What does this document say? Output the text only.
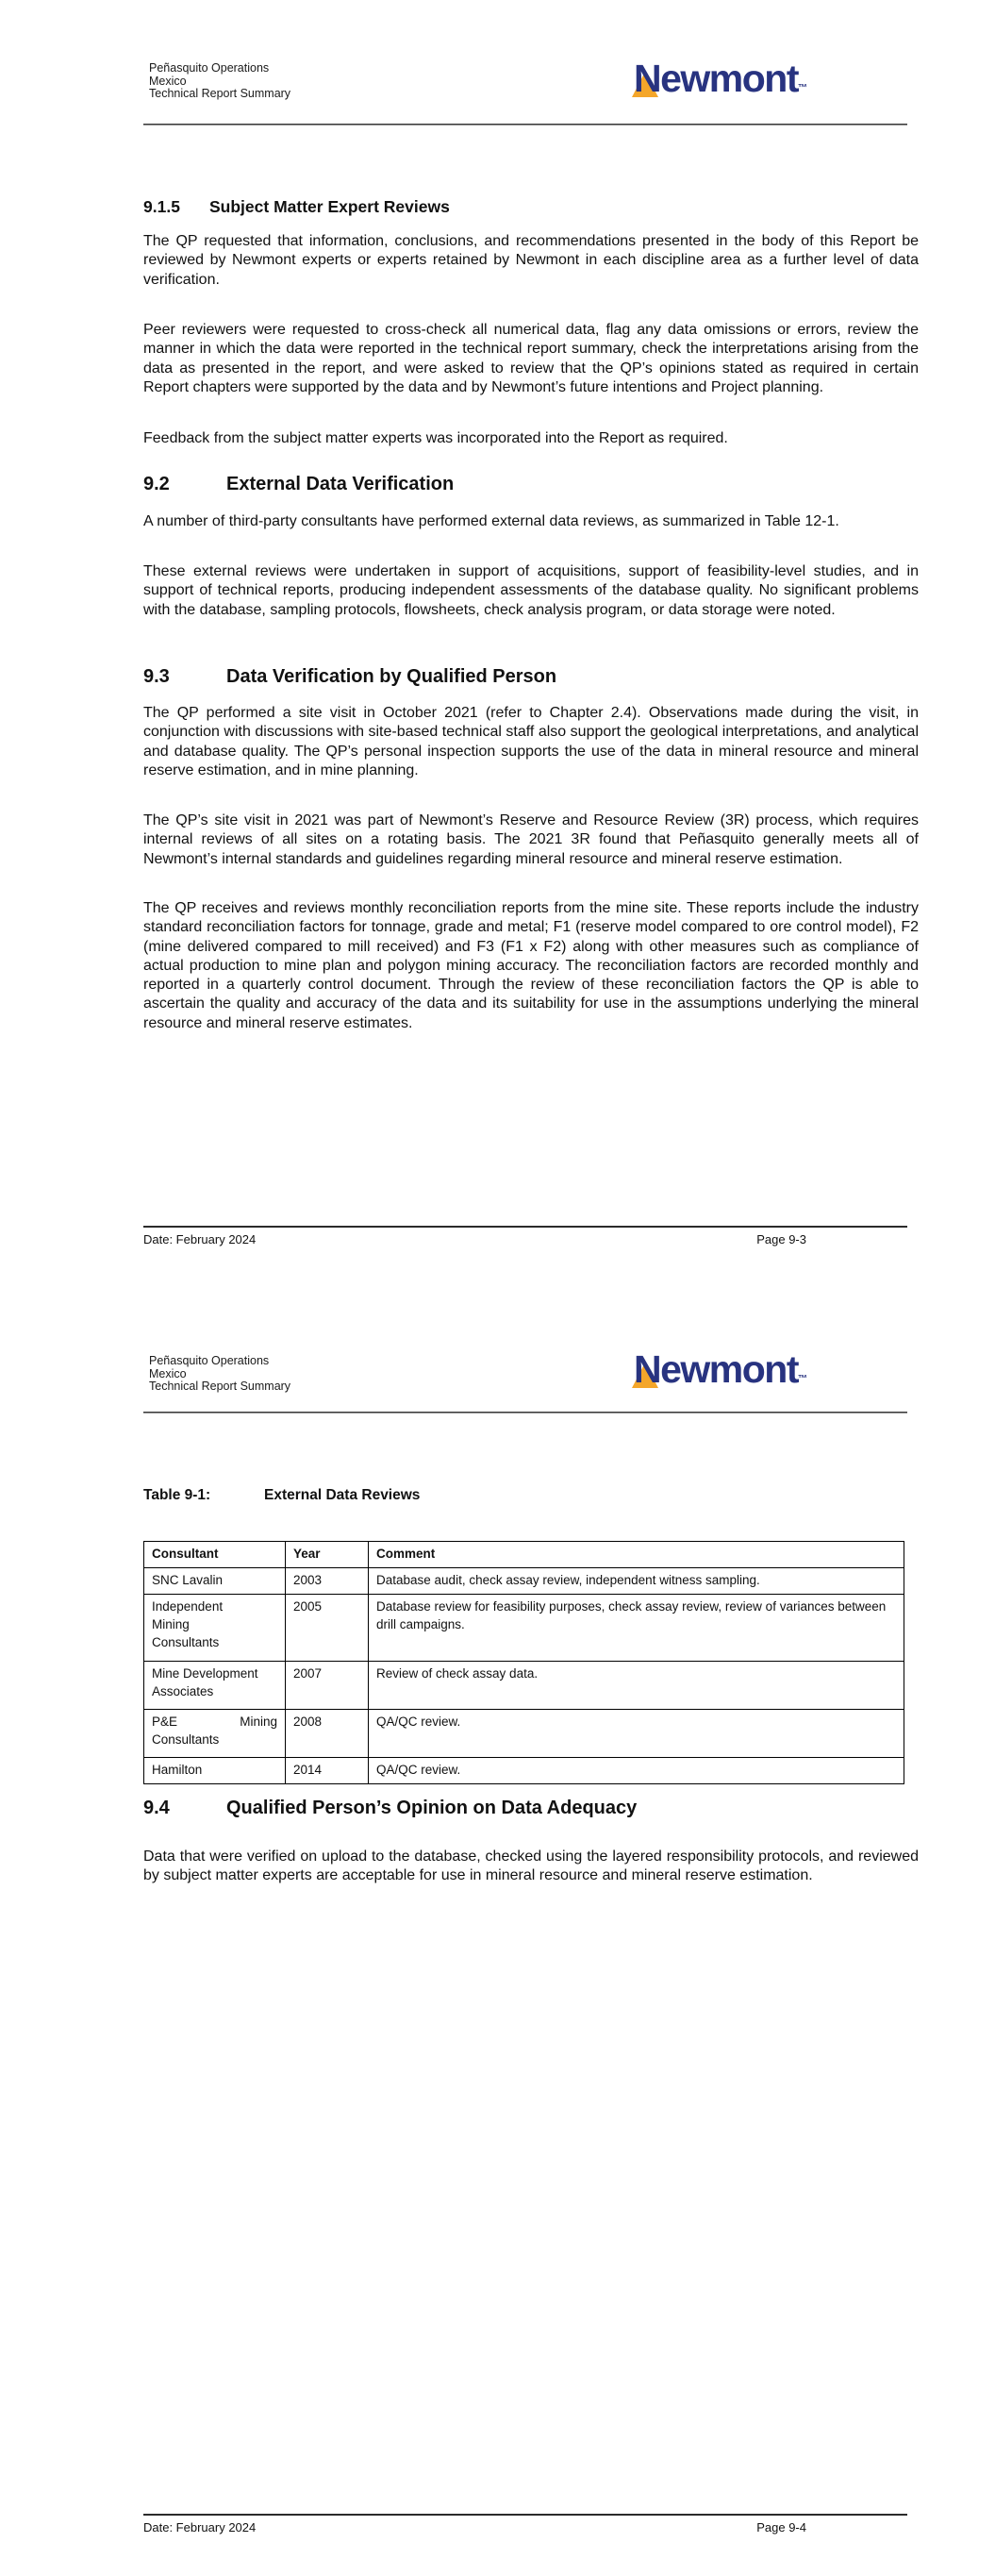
Peñasquito Operations
Mexico
Technical Report Summary	Newmont™
9.1.5 Subject Matter Expert Reviews

The QP requested that information, conclusions, and recommendations presented in the body of this Report be reviewed by Newmont experts or experts retained by Newmont in each discipline area as a further level of data verification.

Peer reviewers were requested to cross-check all numerical data, flag any data omissions or errors, review the manner in which the data were reported in the technical report summary, check the interpretations arising from the data as presented in the report, and were asked to review that the QP’s opinions stated as required in certain Report chapters were supported by the data and by Newmont’s future intentions and Project planning.

Feedback from the subject matter experts was incorporated into the Report as required.

9.2	External Data Verification

A number of third-party consultants have performed external data reviews, as summarized in Table 12-1.

These external reviews were undertaken in support of acquisitions, support of feasibility-level studies, and in support of technical reports, producing independent assessments of the database quality. No significant problems with the database, sampling protocols, flowsheets, check analysis program, or data storage were noted.

9.3	Data Verification by Qualified Person

The QP performed a site visit in October 2021 (refer to Chapter 2.4). Observations made during the visit, in conjunction with discussions with site-based technical staff also support the geological interpretations, and analytical and database quality. The QP’s personal inspection supports the use of the data in mineral resource and mineral reserve estimation, and in mine planning.

The QP’s site visit in 2021 was part of Newmont’s Reserve and Resource Review (3R) process, which requires internal reviews of all sites on a rotating basis. The 2021 3R found that Peñasquito generally meets all of Newmont’s internal standards and guidelines regarding mineral resource and mineral reserve estimation.

The QP receives and reviews monthly reconciliation reports from the mine site. These reports include the industry standard reconciliation factors for tonnage, grade and metal; F1 (reserve model compared to ore control model), F2 (mine delivered compared to mill received) and F3 (F1 x F2) along with other measures such as compliance of actual production to mine plan and polygon mining accuracy. The reconciliation factors are recorded monthly and reported in a quarterly control document. Through the review of these reconciliation factors the QP is able to ascertain the quality and accuracy of the data and its suitability for use in the assumptions underlying the mineral resource and mineral reserve estimates.

Date: February 2024	Page 9-3
Peñasquito Operations
Mexico
Technical Report Summary	Newmont™
Table 9-1:	External Data Reviews
Consultant	Year	Comment

SNC Lavalin	2003	Database audit, check assay review, independent witness sampling.

Independent
Mining
Consultants	2005	Database review for feasibility purposes, check assay review, review of variances between drill campaigns.

Mine Development
Associates	2007	Review of check assay data.

P&E Mining
Consultants	2008	QA/QC review.

Hamilton	2014	QA/QC review.
9.4	Qualified Person’s Opinion on Data Adequacy

Data that were verified on upload to the database, checked using the layered responsibility protocols, and reviewed by subject matter experts are acceptable for use in mineral resource and mineral reserve estimation.

Date: February 2024	Page 9-4
